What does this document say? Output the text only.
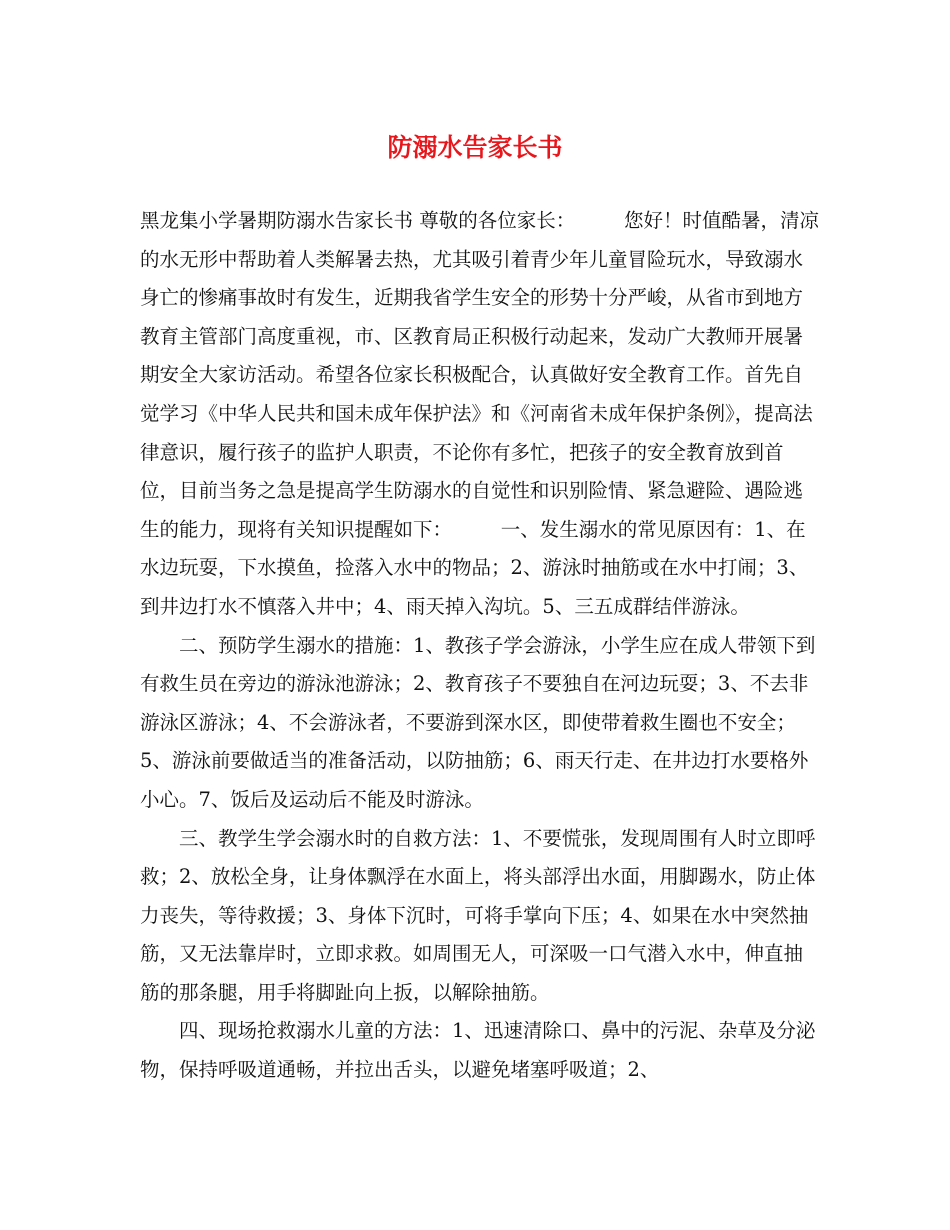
防溺水告家长书

黑龙集小学暑期防溺水告家长书 尊敬的各位家长：　　　您好！时值酷暑，清凉的水无形中帮助着人类解暑去热，尤其吸引着青少年儿童冒险玩水，导致溺水身亡的惨痛事故时有发生，近期我省学生安全的形势十分严峻，从省市到地方教育主管部门高度重视，市、区教育局正积极行动起来，发动广大教师开展暑期安全大家访活动。希望各位家长积极配合，认真做好安全教育工作。首先自觉学习《中华人民共和国未成年保护法》和《河南省未成年保护条例》，提高法律意识，履行孩子的监护人职责，不论你有多忙，把孩子的安全教育放到首位，目前当务之急是提高学生防溺水的自觉性和识别险情、紧急避险、遇险逃生的能力，现将有关知识提醒如下：　　　一、发生溺水的常见原因有：1、在水边玩耍，下水摸鱼，捡落入水中的物品；2、游泳时抽筋或在水中打闹；3、到井边打水不慎落入井中；4、雨天掉入沟坑。5、三五成群结伴游泳。

二、预防学生溺水的措施：1、教孩子学会游泳，小学生应在成人带领下到有救生员在旁边的游泳池游泳；2、教育孩子不要独自在河边玩耍；3、不去非游泳区游泳；4、不会游泳者，不要游到深水区，即使带着救生圈也不安全；5、游泳前要做适当的准备活动，以防抽筋；6、雨天行走、在井边打水要格外小心。7、饭后及运动后不能及时游泳。

三、教学生学会溺水时的自救方法：1、不要慌张，发现周围有人时立即呼救；2、放松全身，让身体飘浮在水面上，将头部浮出水面，用脚踢水，防止体力丧失，等待救援；3、身体下沉时，可将手掌向下压；4、如果在水中突然抽筋，又无法靠岸时，立即求救。如周围无人，可深吸一口气潜入水中，伸直抽筋的那条腿，用手将脚趾向上扳，以解除抽筋。

四、现场抢救溺水儿童的方法：1、迅速清除口、鼻中的污泥、杂草及分泌物，保持呼吸道通畅，并拉出舌头，以避免堵塞呼吸道；2、
